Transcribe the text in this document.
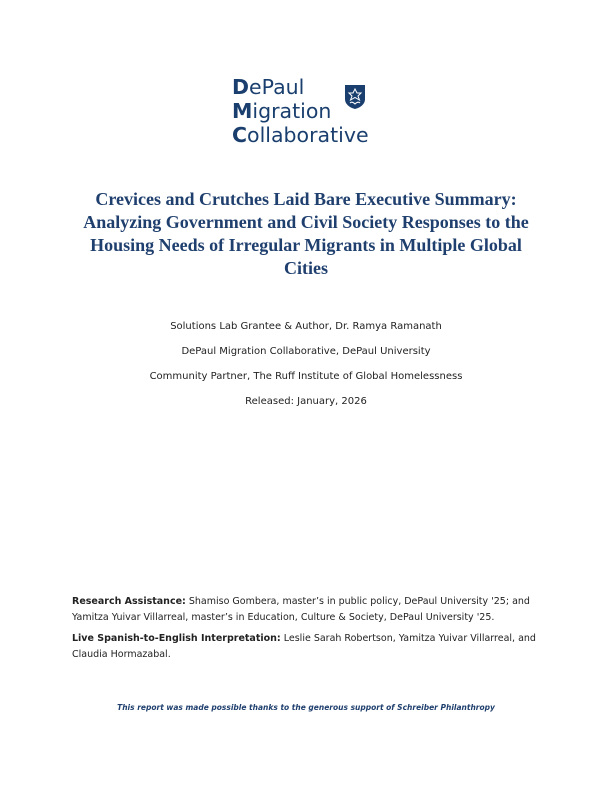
DePaul
Migration
Collaborative
Crevices and Crutches Laid Bare Executive Summary:
Analyzing Government and Civil Society Responses to the
Housing Needs of Irregular Migrants in Multiple Global
Cities
Solutions Lab Grantee & Author, Dr. Ramya Ramanath
DePaul Migration Collaborative, DePaul University
Community Partner, The Ruff Institute of Global Homelessness
Released: January, 2026

Research Assistance: Shamiso Gombera, master’s in public policy, DePaul University '25; and Yamitza Yuivar Villarreal, master’s in Education, Culture & Society, DePaul University '25.

Live Spanish-to-English Interpretation: Leslie Sarah Robertson, Yamitza Yuivar Villarreal, and Claudia Hormazabal.

This report was made possible thanks to the generous support of Schreiber Philanthropy
